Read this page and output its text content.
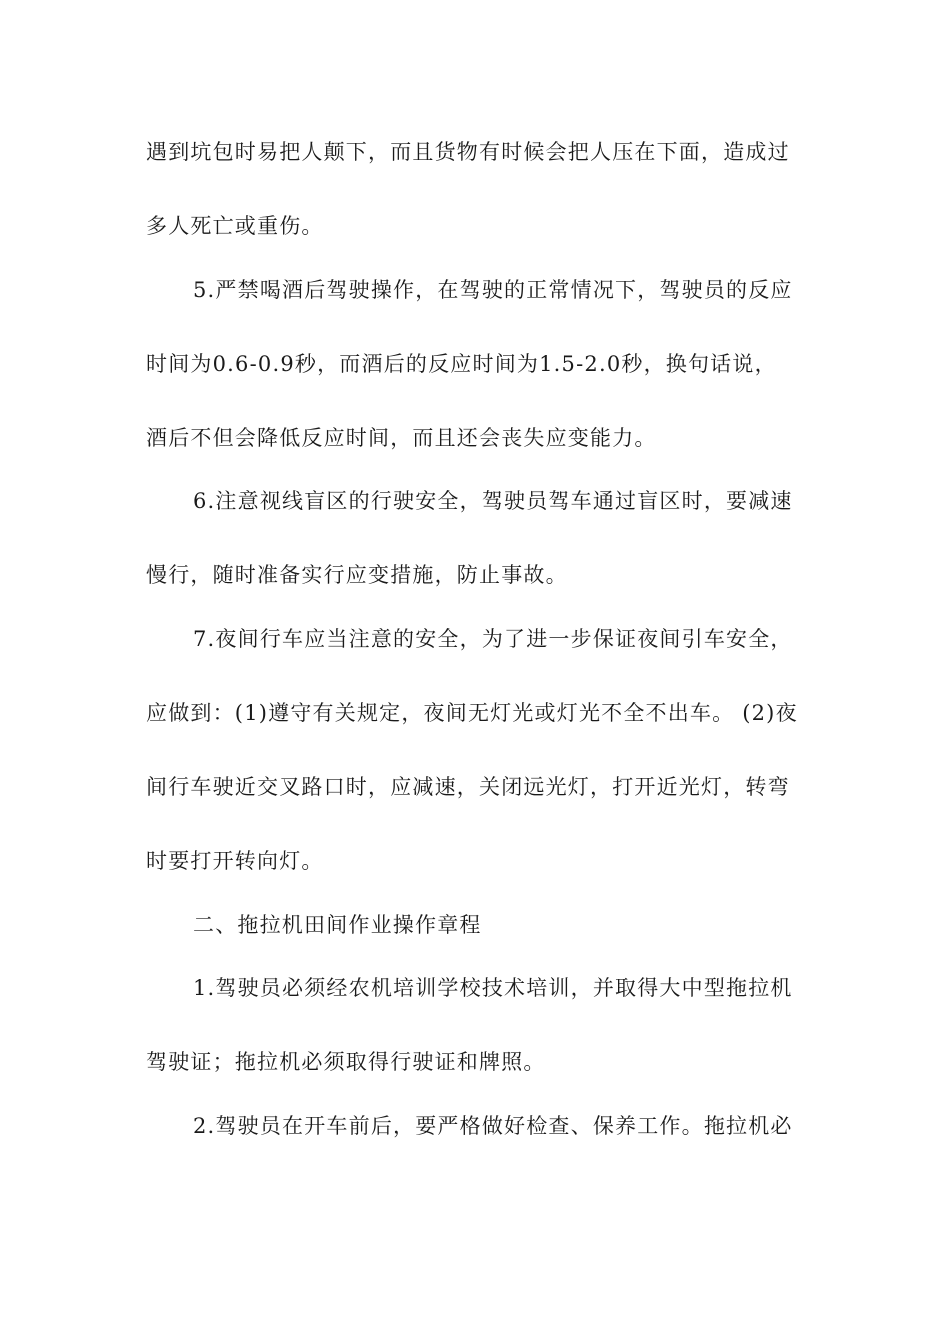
遇到坑包时易把人颠下，而且货物有时候会把人压在下面，造成过
多人死亡或重伤。
5.严禁喝酒后驾驶操作，在驾驶的正常情况下，驾驶员的反应
时间为0.6-0.9秒，而酒后的反应时间为1.5-2.0秒，换句话说，
酒后不但会降低反应时间，而且还会丧失应变能力。
6.注意视线盲区的行驶安全，驾驶员驾车通过盲区时，要减速
慢行，随时准备实行应变措施，防止事故。
7.夜间行车应当注意的安全，为了进一步保证夜间引车安全，
应做到：(1)遵守有关规定，夜间无灯光或灯光不全不出车。 (2)夜
间行车驶近交叉路口时，应减速，关闭远光灯，打开近光灯，转弯
时要打开转向灯。
二、拖拉机田间作业操作章程
1.驾驶员必须经农机培训学校技术培训，并取得大中型拖拉机
驾驶证；拖拉机必须取得行驶证和牌照。
2.驾驶员在开车前后，要严格做好检查、保养工作。拖拉机必
